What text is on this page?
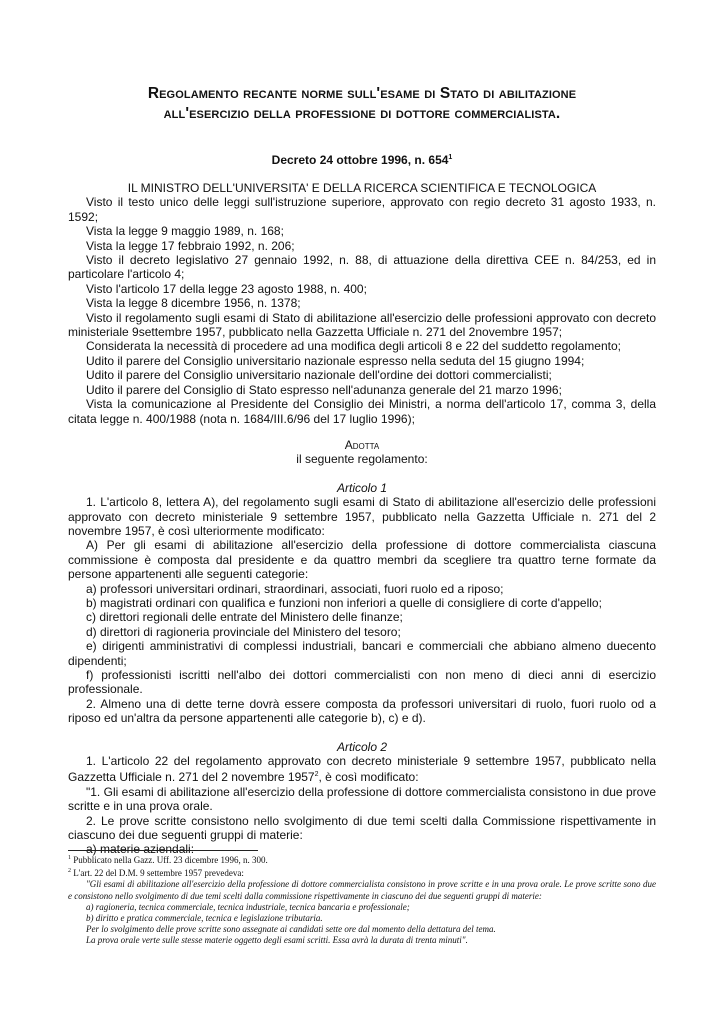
Regolamento recante norme sull'esame di Stato di abilitazione
all'esercizio della professione di dottore commercialista.
Decreto 24 ottobre 1996, n. $654^1$

IL MINISTRO DELL'UNIVERSITA' E DELLA RICERCA SCIENTIFICA E TECNOLOGICA

Visto il testo unico delle leggi sull'istruzione superiore, approvato con regio decreto 31 agosto 1933, n. 1592;

Vista la legge 9 maggio 1989, n. 168;

Vista la legge 17 febbraio 1992, n. 206;

Visto il decreto legislativo 27 gennaio 1992, n. 88, di attuazione della direttiva CEE n. 84/253, ed in particolare l'articolo 4;

Visto l'articolo 17 della legge 23 agosto 1988, n. 400;

Vista la legge 8 dicembre 1956, n. 1378;

Visto il regolamento sugli esami di Stato di abilitazione all'esercizio delle professioni approvato con decreto ministeriale 9settembre 1957, pubblicato nella Gazzetta Ufficiale n. 271 del 2novembre 1957;

Considerata la necessità di procedere ad una modifica degli articoli 8 e 22 del suddetto regolamento;

Udito il parere del Consiglio universitario nazionale espresso nella seduta del 15 giugno 1994;

Udito il parere del Consiglio universitario nazionale dell'ordine dei dottori commercialisti;

Udito il parere del Consiglio di Stato espresso nell'adunanza generale del 21 marzo 1996;

Vista la comunicazione al Presidente del Consiglio dei Ministri, a norma dell'articolo 17, comma 3, della citata legge n. 400/1988 (nota n. 1684/III.6/96 del 17 luglio 1996);

Adotta

il seguente regolamento:

Articolo 1

1. L'articolo 8, lettera A), del regolamento sugli esami di Stato di abilitazione all'esercizio delle professioni approvato con decreto ministeriale 9 settembre 1957, pubblicato nella Gazzetta Ufficiale n. 271 del 2 novembre 1957, è così ulteriormente modificato:

A) Per gli esami di abilitazione all'esercizio della professione di dottore commercialista ciascuna commissione è composta dal presidente e da quattro membri da scegliere tra quattro terne formate da persone appartenenti alle seguenti categorie:

a) professori universitari ordinari, straordinari, associati, fuori ruolo ed a riposo;

b) magistrati ordinari con qualifica e funzioni non inferiori a quelle di consigliere di corte d'appello;

c) direttori regionali delle entrate del Ministero delle finanze;

d) direttori di ragioneria provinciale del Ministero del tesoro;

e) dirigenti amministrativi di complessi industriali, bancari e commerciali che abbiano almeno duecento dipendenti;

f) professionisti iscritti nell'albo dei dottori commercialisti con non meno di dieci anni di esercizio professionale.

2. Almeno una di dette terne dovrà essere composta da professori universitari di ruolo, fuori ruolo od a riposo ed un'altra da persone appartenenti alle categorie b), c) e d).

Articolo 2

1. L'articolo 22 del regolamento approvato con decreto ministeriale 9 settembre 1957, pubblicato nella Gazzetta Ufficiale n. 271 del 2 novembre 1957$^2$, è così modificato:

"1. Gli esami di abilitazione all'esercizio della professione di dottore commercialista consistono in due prove scritte e in una prova orale.

2. Le prove scritte consistono nello svolgimento di due temi scelti dalla Commissione rispettivamente in ciascuno dei due seguenti gruppi di materie:

a) materie aziendali:

$^1$ Pubblicato nella Gazz. Uff. 23 dicembre 1996, n. 300.

$^2$ L'art. 22 del D.M. 9 settembre 1957 prevedeva:

"Gli esami di abilitazione all'esercizio della professione di dottore commercialista consistono in prove scritte e in una prova orale. Le prove scritte sono due e consistono nello svolgimento di due temi scelti dalla commissione rispettivamente in ciascuno dei due seguenti gruppi di materie:

a) ragioneria, tecnica commerciale, tecnica industriale, tecnica bancaria e professionale;

b) diritto e pratica commerciale, tecnica e legislazione tributaria.

Per lo svolgimento delle prove scritte sono assegnate ai candidati sette ore dal momento della dettatura del tema.

La prova orale verte sulle stesse materie oggetto degli esami scritti. Essa avrà la durata di trenta minuti".
